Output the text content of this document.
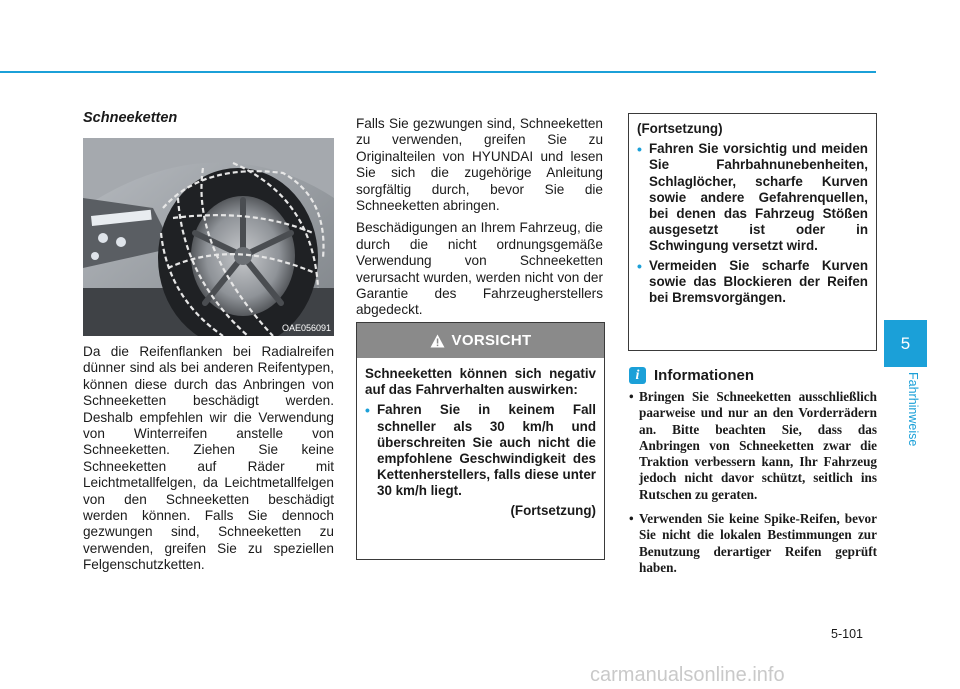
Schneeketten
OAE056091

Da die Reifenflanken bei Radialreifen dünner sind als bei anderen Reifentypen, können diese durch das Anbringen von Schneeketten beschädigt werden. Deshalb empfehlen wir die Verwendung von Winterreifen anstelle von Schneeketten. Ziehen Sie keine Schneeketten auf Räder mit Leichtmetallfelgen, da Leichtmetallfelgen von den Schneeketten beschädigt werden können. Falls Sie dennoch gezwungen sind, Schneeketten zu verwenden, greifen Sie zu speziellen Felgenschutzketten.

Falls Sie gezwungen sind, Schneeketten zu verwenden, greifen Sie zu Originalteilen von HYUNDAI und lesen Sie sich die zugehörige Anleitung sorgfältig durch, bevor Sie die Schneeketten abringen.

Beschädigungen an Ihrem Fahrzeug, die durch die nicht ordnungsgemäße Verwendung von Schneeketten verursacht wurden, werden nicht von der Garantie des Fahrzeugherstellers abgedeckt.

VORSICHT

Schneeketten können sich negativ auf das Fahrverhalten auswirken:

• Fahren Sie in keinem Fall schneller als 30 km/h und überschreiten Sie auch nicht die empfohlene Geschwindigkeit des Kettenherstellers, falls diese unter 30 km/h liegt.

(Fortsetzung)

(Fortsetzung)

• Fahren Sie vorsichtig und meiden Sie Fahrbahnunebenheiten, Schlaglöcher, scharfe Kurven sowie andere Gefahrenquellen, bei denen das Fahrzeug Stößen ausgesetzt ist oder in Schwingung versetzt wird.
• Vermeiden Sie scharfe Kurven sowie das Blockieren der Reifen bei Bremsvorgängen.
i Informationen
• Bringen Sie Schneeketten ausschließlich paarweise und nur an den Vorderrädern an. Bitte beachten Sie, dass das Anbringen von Schneeketten zwar die Traktion verbessern kann, Ihr Fahrzeug jedoch nicht davor schützt, seitlich ins Rutschen zu geraten.
• Verwenden Sie keine Spike-Reifen, bevor Sie nicht die lokalen Bestimmungen zur Benutzung derartiger Reifen geprüft haben.
5
Fahrhinweise
5-101
carmanualsonline.info
